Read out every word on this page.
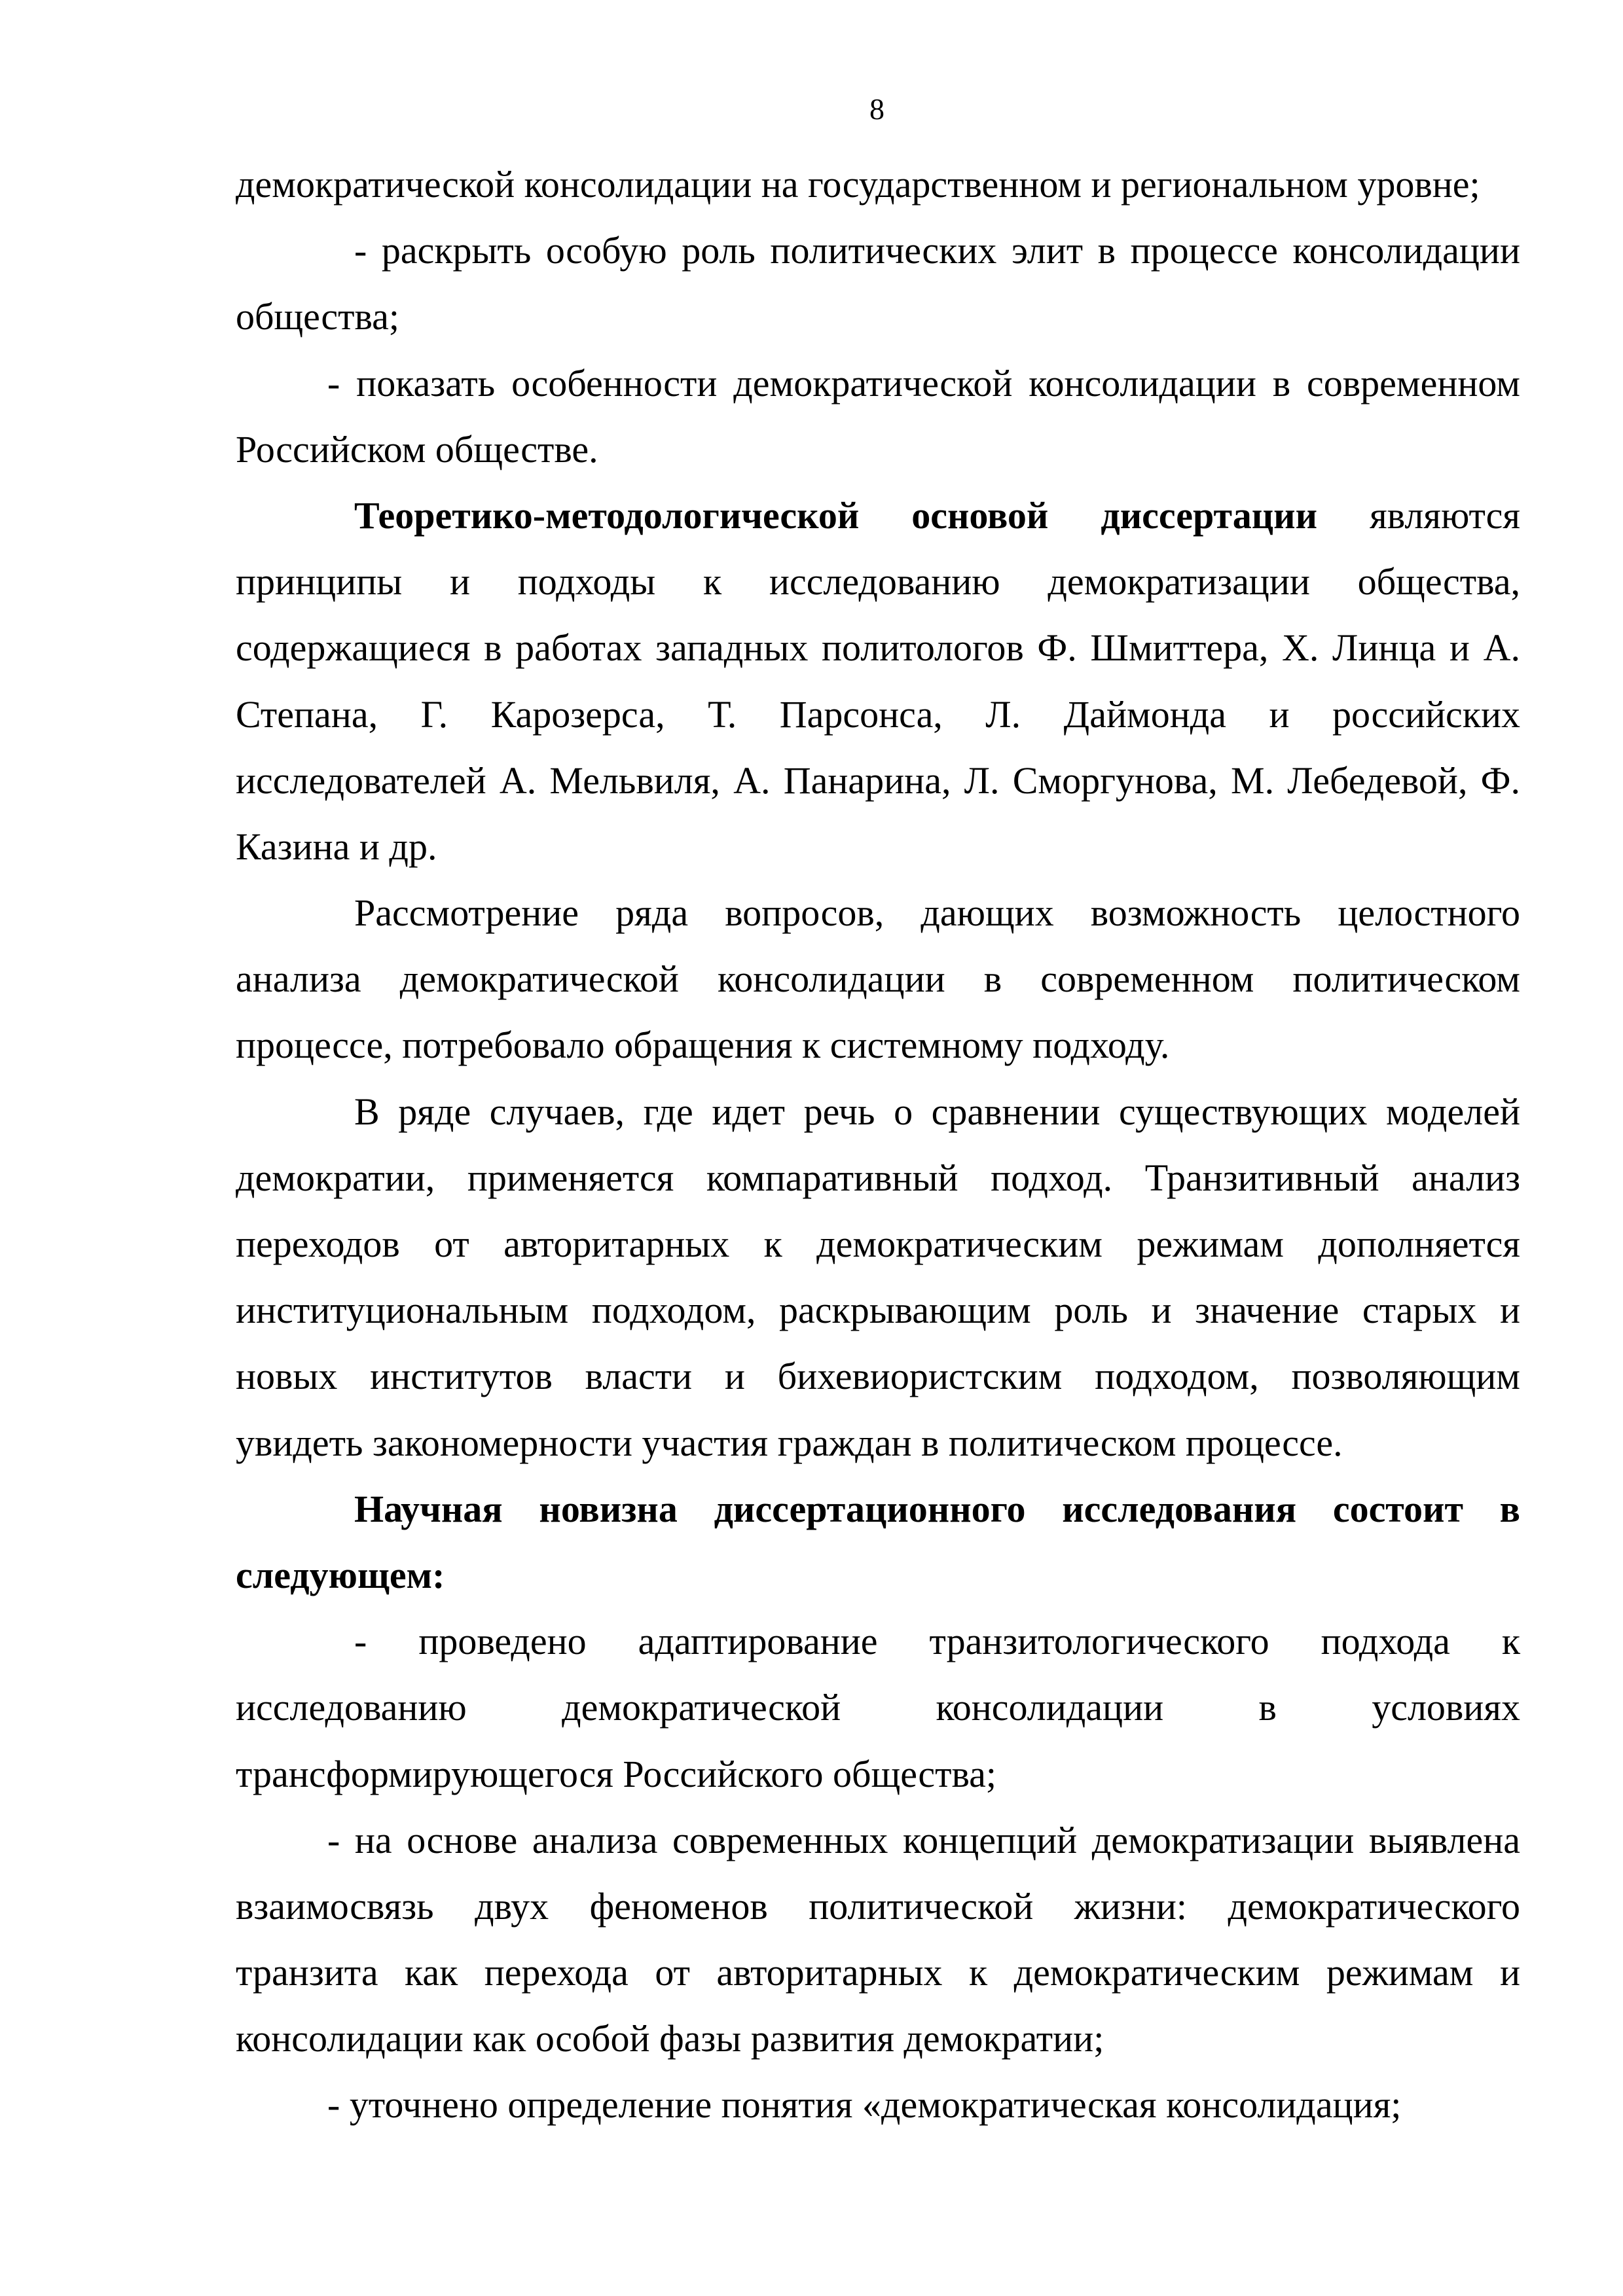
8
демократической консолидации на государственном и региональном уровне;
- раскрыть особую роль политических элит в процессе консолидации
общества;
- показать особенности демократической консолидации в современном
Российском обществе.
Теоретико-методологической основой диссертации являются
принципы и подходы к исследованию демократизации общества,
содержащиеся в работах западных политологов Ф. Шмиттера, Х. Линца и А.
Степана, Г. Карозерса, Т. Парсонса, Л. Даймонда и российских
исследователей А. Мельвиля, А. Панарина, Л. Сморгунова, М. Лебедевой, Ф.
Казина и др.
Рассмотрение ряда вопросов, дающих возможность целостного
анализа демократической консолидации в современном политическом
процессе, потребовало обращения к системному подходу.
В ряде случаев, где идет речь о сравнении существующих моделей
демократии, применяется компаративный подход. Транзитивный анализ
переходов от авторитарных к демократическим режимам дополняется
институциональным подходом, раскрывающим роль и значение старых и
новых институтов власти и бихевиористским подходом, позволяющим
увидеть закономерности участия граждан в политическом процессе.
Научная новизна диссертационного исследования состоит в
следующем:
- проведено адаптирование транзитологического подхода к
исследованию демократической консолидации в условиях
трансформирующегося Российского общества;
- на основе анализа современных концепций демократизации выявлена
взаимосвязь двух феноменов политической жизни: демократического
транзита как перехода от авторитарных к демократическим режимам и
консолидации как особой фазы развития демократии;
- уточнено определение понятия «демократическая консолидация;
